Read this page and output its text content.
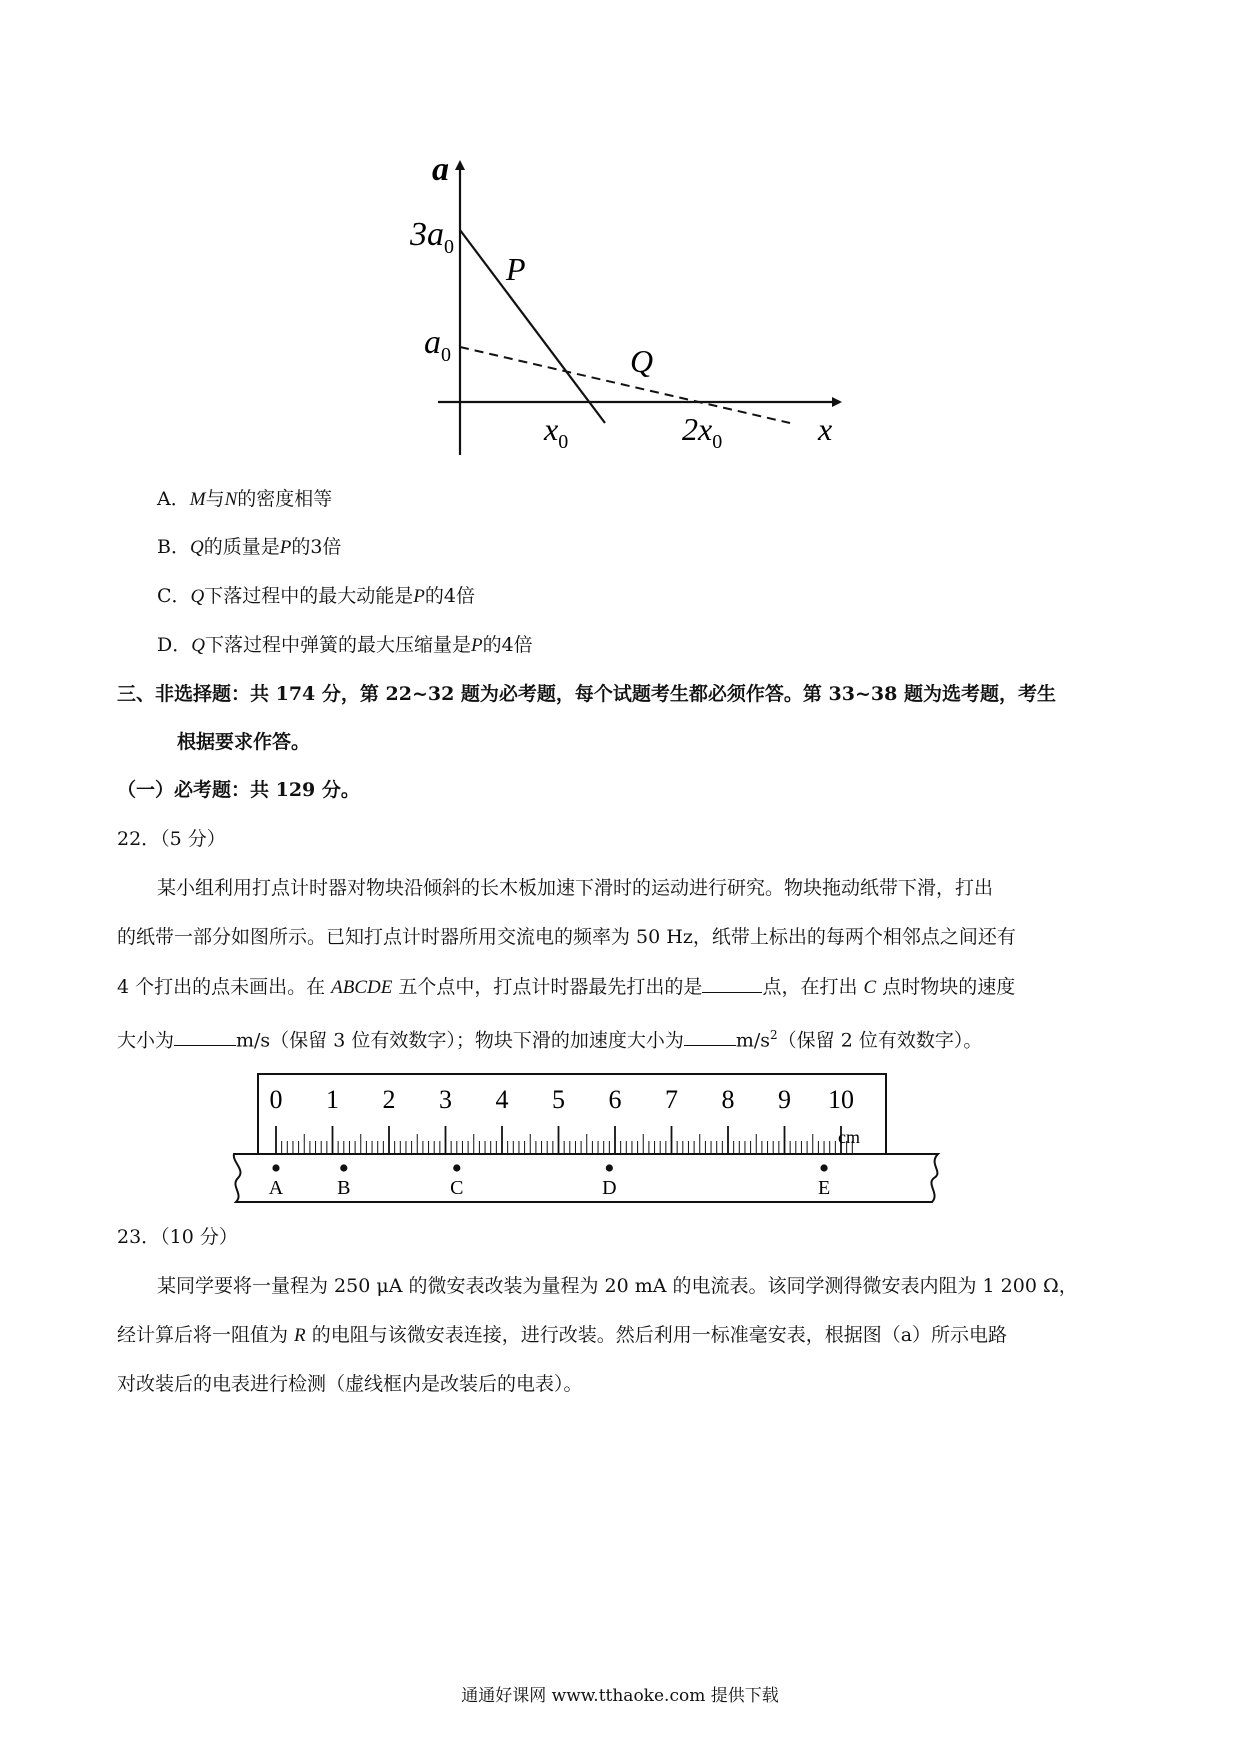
a
x
$3a_0$
$a_0$
$x_0$	$2x_0$
P
Q
A．M与N的密度相等
B．Q的质量是P的3倍
C．Q下落过程中的最大动能是P的4倍
D．Q下落过程中弹簧的最大压缩量是P的4倍
三、非选择题：共 174 分，第 22~32 题为必考题，每个试题考生都必须作答。第 33~38 题为选考题，考生
根据要求作答。
（一）必考题：共 129 分。
22．（5 分）
某小组利用打点计时器对物块沿倾斜的长木板加速下滑时的运动进行研究。物块拖动纸带下滑，打出
的纸带一部分如图所示。已知打点计时器所用交流电的频率为 50 Hz，纸带上标出的每两个相邻点之间还有
4 个打出的点未画出。在 ABCDE 五个点中，打点计时器最先打出的是	点，在打出 C 点时物块的速度
大小为	m/s（保留 3 位有效数字）；物块下滑的加速度大小为	$m/s^2$（保留 2 位有效数字）。
0 1 2 3 4 5 6 7 8 9 10
cm
A	B	C	D	E
23．（10 分）
某同学要将一量程为 250 μA 的微安表改装为量程为 20 mA 的电流表。该同学测得微安表内阻为 1 200 Ω，
经计算后将一阻值为 R 的电阻与该微安表连接，进行改装。然后利用一标准毫安表，根据图（a）所示电路
对改装后的电表进行检测（虚线框内是改装后的电表）。
通通好课网 www.tthaoke.com 提供下载
